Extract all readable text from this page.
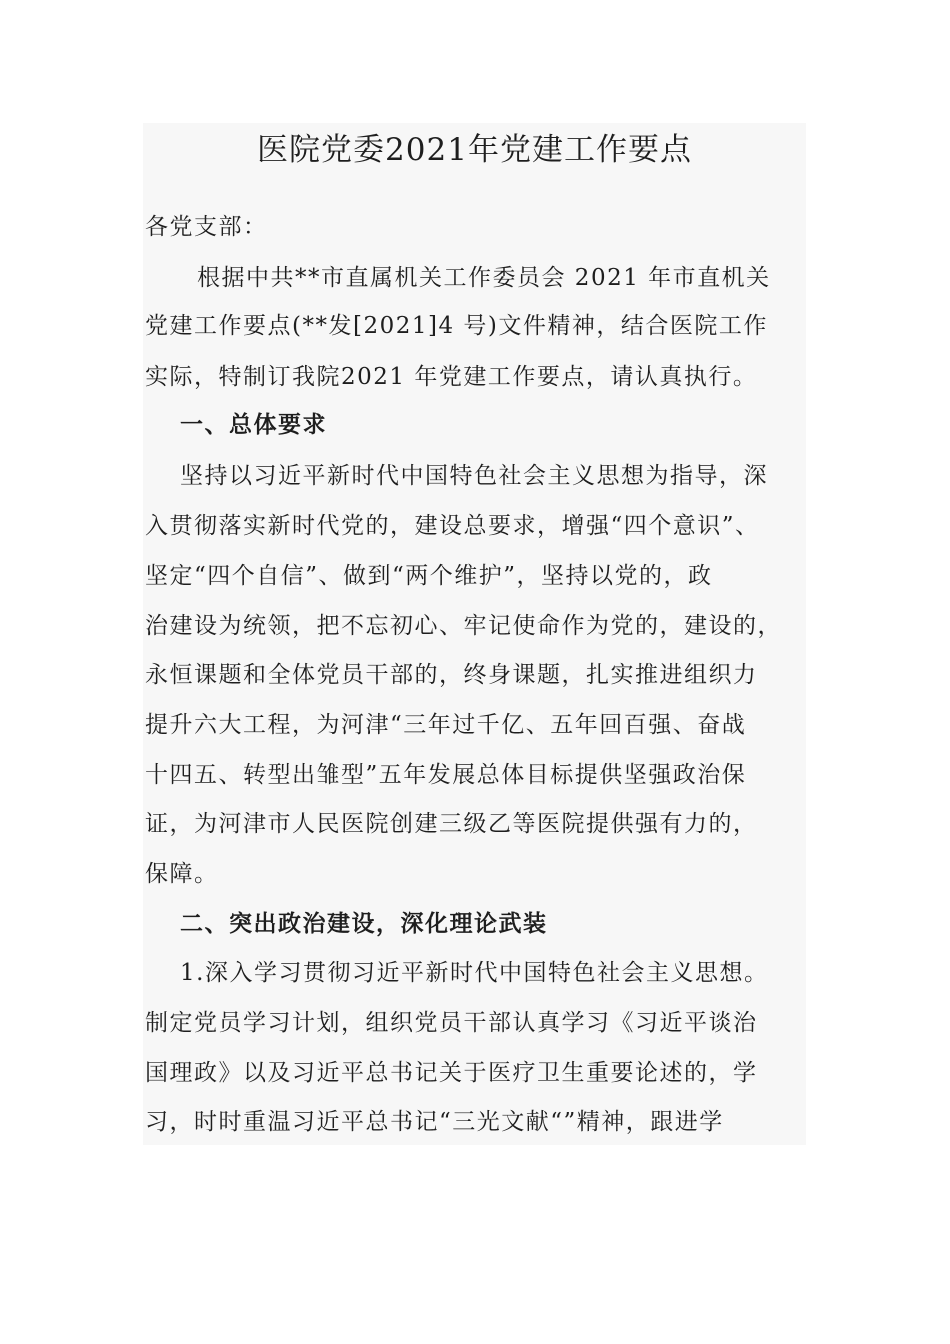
医院党委2021年党建工作要点
各党支部：
根据中共**市直属机关工作委员会 2021 年市直机关
党建工作要点(**发[2021]4 号)文件精神，结合医院工作
实际，特制订我院2021 年党建工作要点，请认真执行。
一、总体要求
坚持以习近平新时代中国特色社会主义思想为指导，深
入贯彻落实新时代党的，建设总要求，增强“四个意识”、
坚定“四个自信”、做到“两个维护”，坚持以党的，政
治建设为统领，把不忘初心、牢记使命作为党的，建设的，
永恒课题和全体党员干部的，终身课题，扎实推进组织力
提升六大工程，为河津“三年过千亿、五年回百强、奋战
十四五、转型出雏型”五年发展总体目标提供坚强政治保
证，为河津市人民医院创建三级乙等医院提供强有力的，
保障。
二、突出政治建设，深化理论武装
1.深入学习贯彻习近平新时代中国特色社会主义思想。
制定党员学习计划，组织党员干部认真学习《习近平谈治
国理政》以及习近平总书记关于医疗卫生重要论述的，学
习，时时重温习近平总书记“三光文献“”精神，跟进学
